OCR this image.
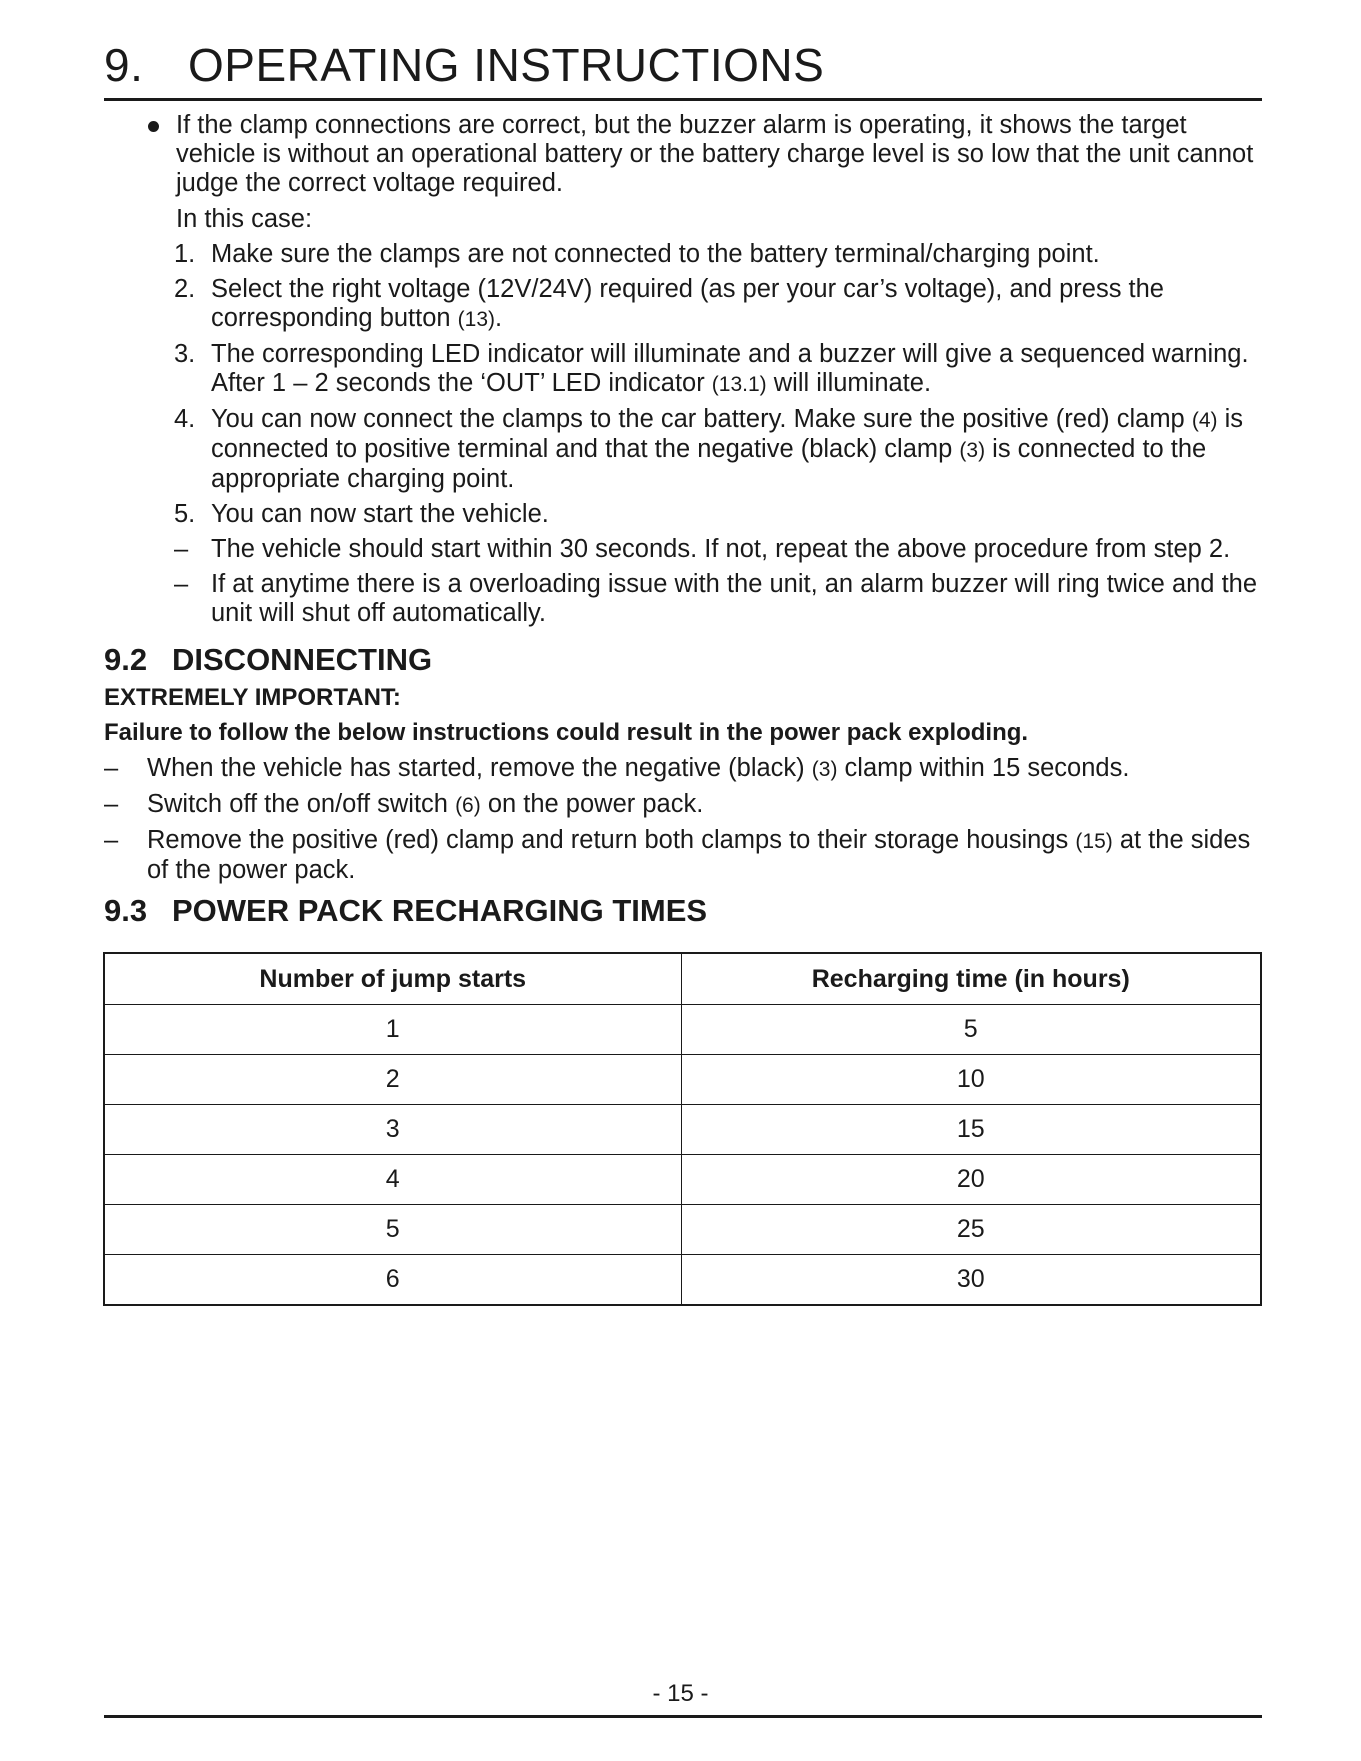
9. OPERATING INSTRUCTIONS
If the clamp connections are correct, but the buzzer alarm is operating, it shows the target vehicle is without an operational battery or the battery charge level is so low that the unit cannot judge the correct voltage required.
In this case:
1. Make sure the clamps are not connected to the battery terminal/charging point.
2. Select the right voltage (12V/24V) required (as per your car’s voltage), and press the corresponding button (13).
3. The corresponding LED indicator will illuminate and a buzzer will give a sequenced warning. After 1 – 2 seconds the ‘OUT’ LED indicator (13.1) will illuminate.
4. You can now connect the clamps to the car battery. Make sure the positive (red) clamp (4) is connected to positive terminal and that the negative (black) clamp (3) is connected to the appropriate charging point.
5. You can now start the vehicle.
– The vehicle should start within 30 seconds. If not, repeat the above procedure from step 2.
– If at anytime there is a overloading issue with the unit, an alarm buzzer will ring twice and the unit will shut off automatically.
9.2 DISCONNECTING
EXTREMELY IMPORTANT:
Failure to follow the below instructions could result in the power pack exploding.
– When the vehicle has started, remove the negative (black) (3) clamp within 15 seconds.
– Switch off the on/off switch (6) on the power pack.
– Remove the positive (red) clamp and return both clamps to their storage housings (15) at the sides of the power pack.
9.3 POWER PACK RECHARGING TIMES
Number of jump starts	Recharging time (in hours)
1	5
2	10
3	15
4	20
5	25
6	30
- 15 -
